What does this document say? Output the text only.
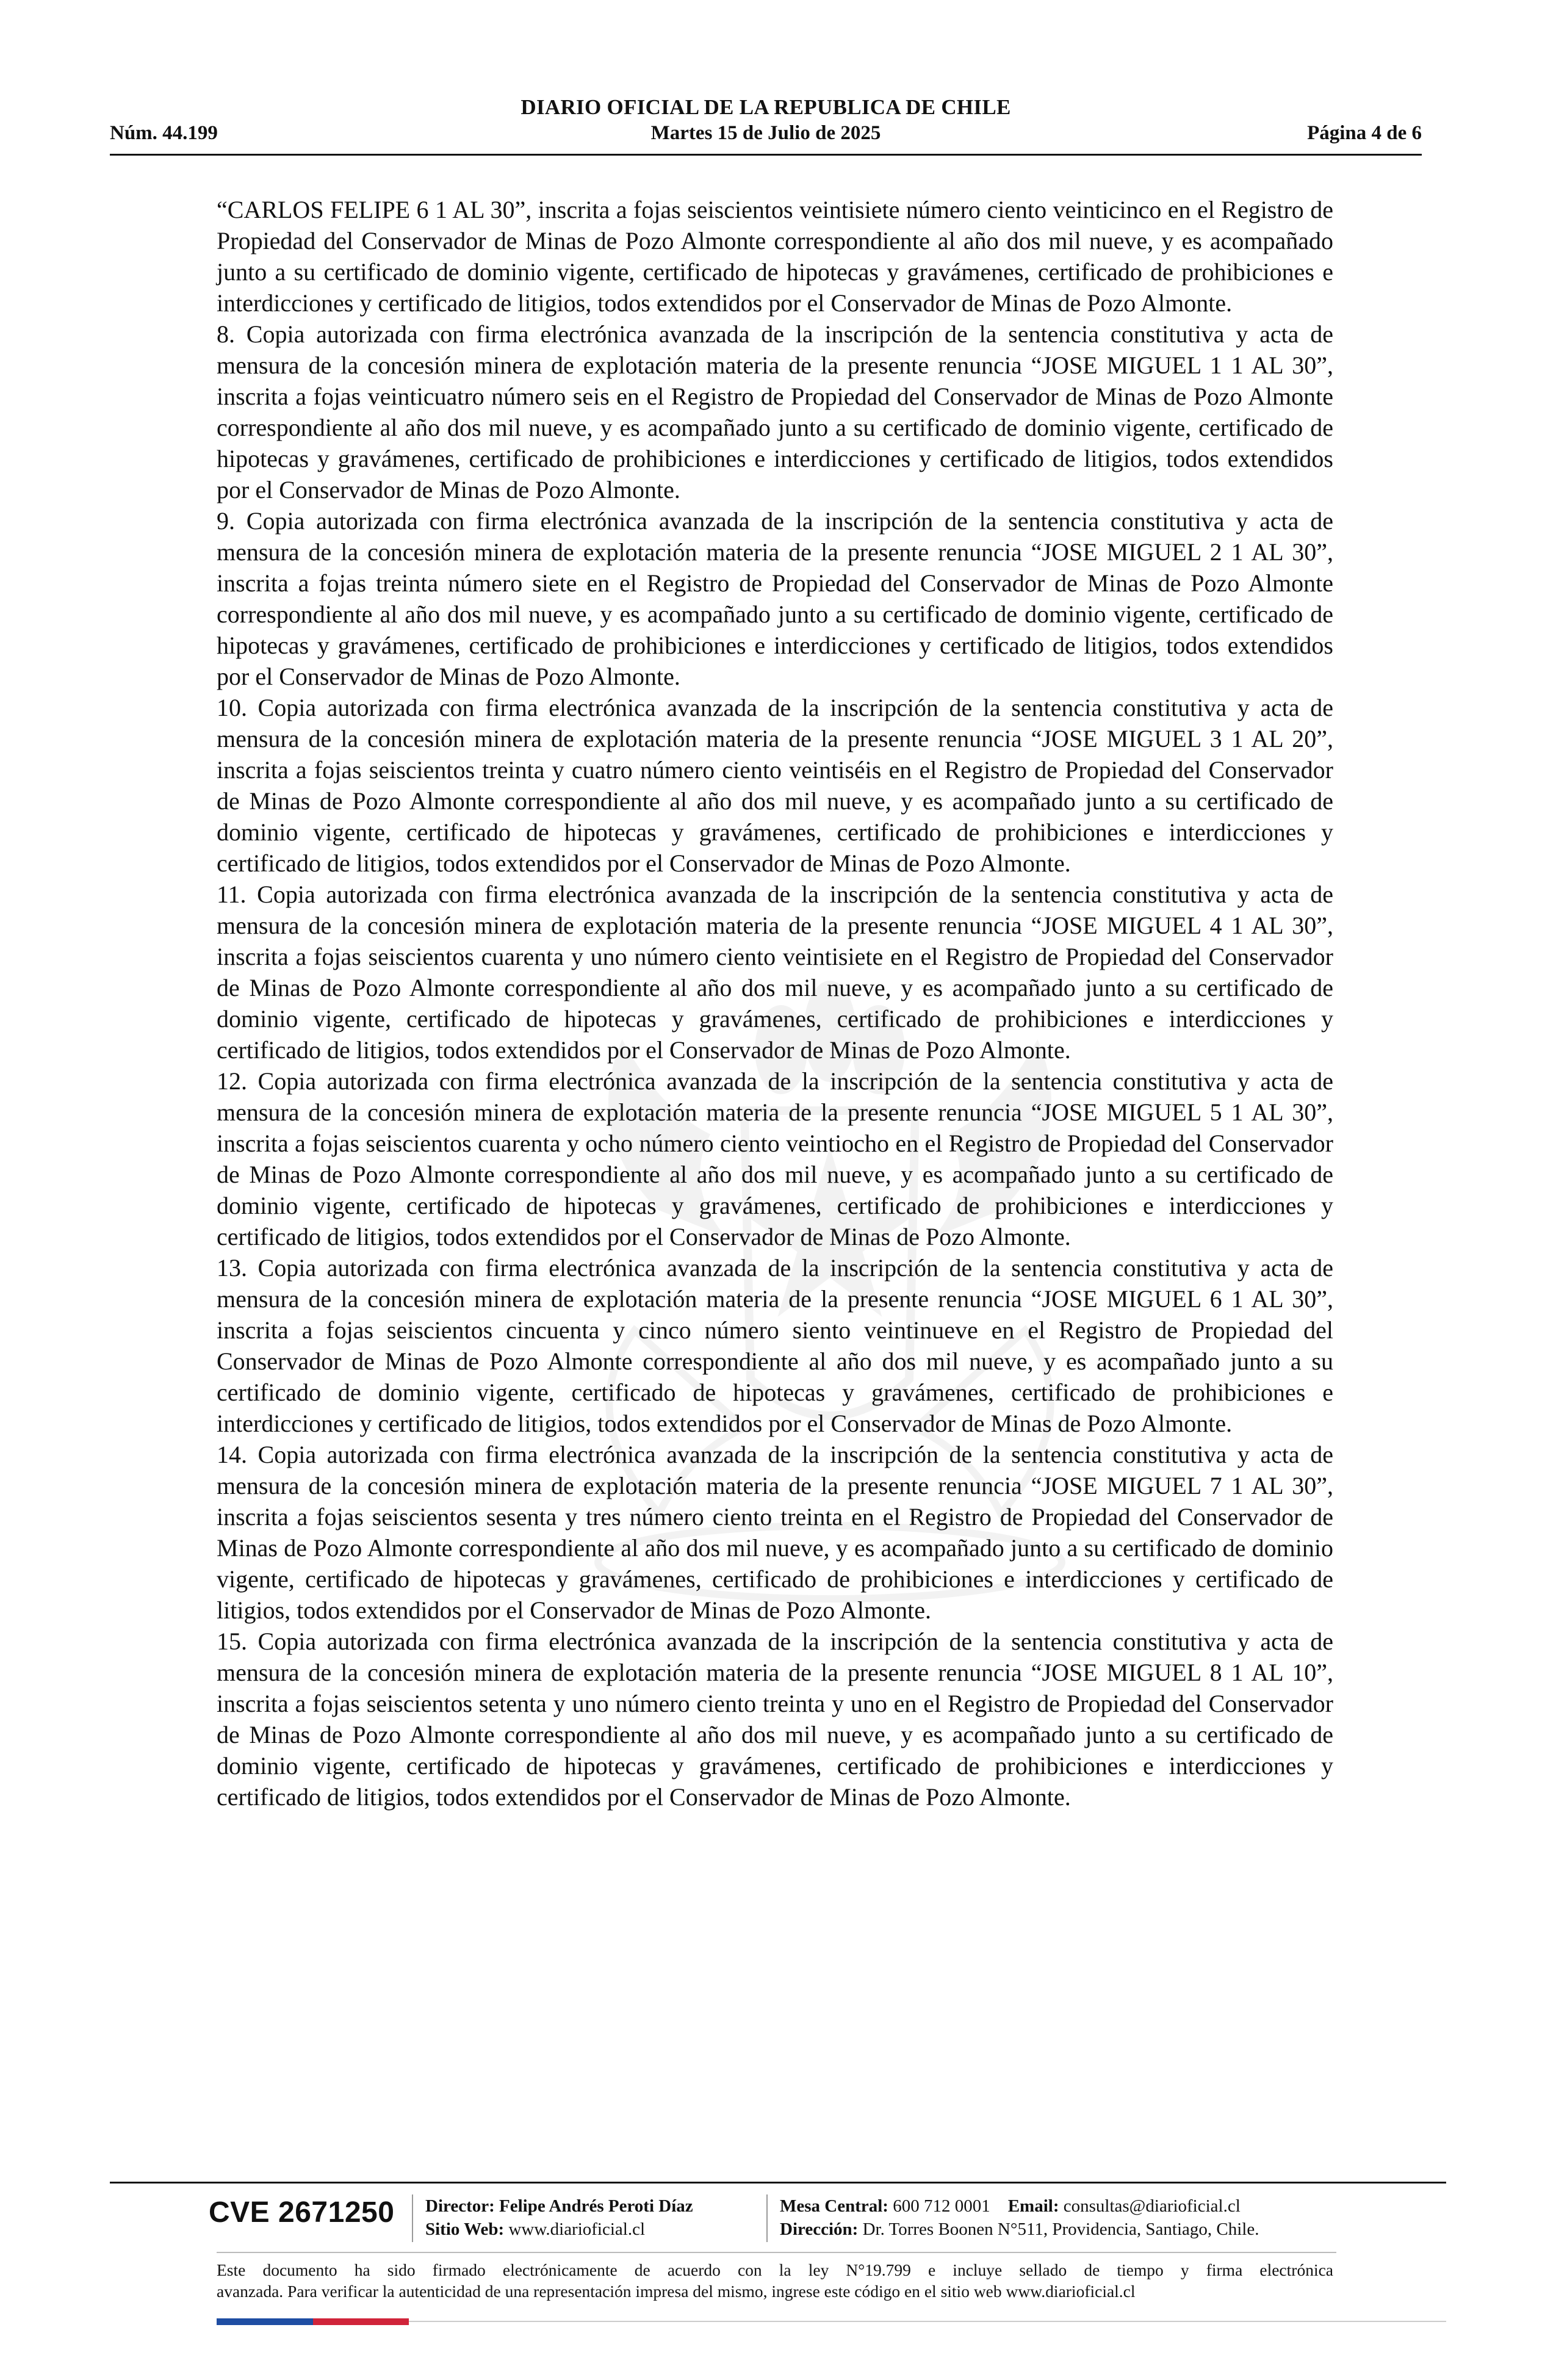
DIARIO OFICIAL DE LA REPUBLICA DE CHILE
Núm. 44.199	Martes 15 de Julio de 2025	Página 4 de 6

“CARLOS FELIPE 6 1 AL 30”, inscrita a fojas seiscientos veintisiete número ciento veinticinco en el Registro de Propiedad del Conservador de Minas de Pozo Almonte correspondiente al año dos mil nueve, y es acompañado junto a su certificado de dominio vigente, certificado de hipotecas y gravámenes, certificado de prohibiciones e interdicciones y certificado de litigios, todos extendidos por el Conservador de Minas de Pozo Almonte.

8. Copia autorizada con firma electrónica avanzada de la inscripción de la sentencia constitutiva y acta de mensura de la concesión minera de explotación materia de la presente renuncia “JOSE MIGUEL 1 1 AL 30”, inscrita a fojas veinticuatro número seis en el Registro de Propiedad del Conservador de Minas de Pozo Almonte correspondiente al año dos mil nueve, y es acompañado junto a su certificado de dominio vigente, certificado de hipotecas y gravámenes, certificado de prohibiciones e interdicciones y certificado de litigios, todos extendidos por el Conservador de Minas de Pozo Almonte.

9. Copia autorizada con firma electrónica avanzada de la inscripción de la sentencia constitutiva y acta de mensura de la concesión minera de explotación materia de la presente renuncia “JOSE MIGUEL 2 1 AL 30”, inscrita a fojas treinta número siete en el Registro de Propiedad del Conservador de Minas de Pozo Almonte correspondiente al año dos mil nueve, y es acompañado junto a su certificado de dominio vigente, certificado de hipotecas y gravámenes, certificado de prohibiciones e interdicciones y certificado de litigios, todos extendidos por el Conservador de Minas de Pozo Almonte.

10. Copia autorizada con firma electrónica avanzada de la inscripción de la sentencia constitutiva y acta de mensura de la concesión minera de explotación materia de la presente renuncia “JOSE MIGUEL 3 1 AL 20”, inscrita a fojas seiscientos treinta y cuatro número ciento veintiséis en el Registro de Propiedad del Conservador de Minas de Pozo Almonte correspondiente al año dos mil nueve, y es acompañado junto a su certificado de dominio vigente, certificado de hipotecas y gravámenes, certificado de prohibiciones e interdicciones y certificado de litigios, todos extendidos por el Conservador de Minas de Pozo Almonte.

11. Copia autorizada con firma electrónica avanzada de la inscripción de la sentencia constitutiva y acta de mensura de la concesión minera de explotación materia de la presente renuncia “JOSE MIGUEL 4 1 AL 30”, inscrita a fojas seiscientos cuarenta y uno número ciento veintisiete en el Registro de Propiedad del Conservador de Minas de Pozo Almonte correspondiente al año dos mil nueve, y es acompañado junto a su certificado de dominio vigente, certificado de hipotecas y gravámenes, certificado de prohibiciones e interdicciones y certificado de litigios, todos extendidos por el Conservador de Minas de Pozo Almonte.

12. Copia autorizada con firma electrónica avanzada de la inscripción de la sentencia constitutiva y acta de mensura de la concesión minera de explotación materia de la presente renuncia “JOSE MIGUEL 5 1 AL 30”, inscrita a fojas seiscientos cuarenta y ocho número ciento veintiocho en el Registro de Propiedad del Conservador de Minas de Pozo Almonte correspondiente al año dos mil nueve, y es acompañado junto a su certificado de dominio vigente, certificado de hipotecas y gravámenes, certificado de prohibiciones e interdicciones y certificado de litigios, todos extendidos por el Conservador de Minas de Pozo Almonte.

13. Copia autorizada con firma electrónica avanzada de la inscripción de la sentencia constitutiva y acta de mensura de la concesión minera de explotación materia de la presente renuncia “JOSE MIGUEL 6 1 AL 30”, inscrita a fojas seiscientos cincuenta y cinco número siento veintinueve en el Registro de Propiedad del Conservador de Minas de Pozo Almonte correspondiente al año dos mil nueve, y es acompañado junto a su certificado de dominio vigente, certificado de hipotecas y gravámenes, certificado de prohibiciones e interdicciones y certificado de litigios, todos extendidos por el Conservador de Minas de Pozo Almonte.

14. Copia autorizada con firma electrónica avanzada de la inscripción de la sentencia constitutiva y acta de mensura de la concesión minera de explotación materia de la presente renuncia “JOSE MIGUEL 7 1 AL 30”, inscrita a fojas seiscientos sesenta y tres número ciento treinta en el Registro de Propiedad del Conservador de Minas de Pozo Almonte correspondiente al año dos mil nueve, y es acompañado junto a su certificado de dominio vigente, certificado de hipotecas y gravámenes, certificado de prohibiciones e interdicciones y certificado de litigios, todos extendidos por el Conservador de Minas de Pozo Almonte.

15. Copia autorizada con firma electrónica avanzada de la inscripción de la sentencia constitutiva y acta de mensura de la concesión minera de explotación materia de la presente renuncia “JOSE MIGUEL 8 1 AL 10”, inscrita a fojas seiscientos setenta y uno número ciento treinta y uno en el Registro de Propiedad del Conservador de Minas de Pozo Almonte correspondiente al año dos mil nueve, y es acompañado junto a su certificado de dominio vigente, certificado de hipotecas y gravámenes, certificado de prohibiciones e interdicciones y certificado de litigios, todos extendidos por el Conservador de Minas de Pozo Almonte.

CVE 2671250 Director: Felipe Andrés Peroti Díaz
Sitio Web: www.diarioficial.cl
Mesa Central: 600 712 0001 Email: consultas@diarioficial.cl
Dirección: Dr. Torres Boonen N°511, Providencia, Santiago, Chile.
Este documento ha sido firmado electrónicamente de acuerdo con la ley N°19.799 e incluye sellado de tiempo y firma electrónica
avanzada. Para verificar la autenticidad de una representación impresa del mismo, ingrese este código en el sitio web www.diarioficial.cl
